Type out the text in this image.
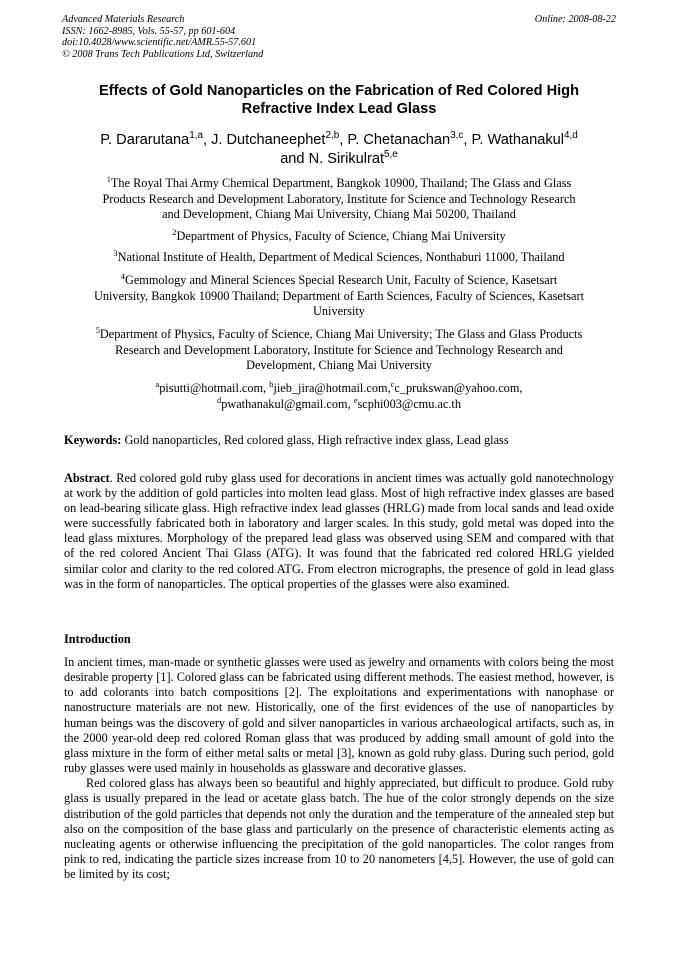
Advanced Materials Research
ISSN: 1662-8985, Vols. 55-57, pp 601-604
doi:10.4028/www.scientific.net/AMR.55-57.601
© 2008 Trans Tech Publications Ltd, Switzerland
Online: 2008-08-22
Effects of Gold Nanoparticles on the Fabrication of Red Colored High
Refractive Index Lead Glass
P. Dararutana$^{1,a}$, J. Dutchaneephet$^{2,b}$, P. Chetanachan$^{3,c}$, P. Wathanakul$^{4,d}$
and N. Sirikulrat$^{5,e}$
$^1$The Royal Thai Army Chemical Department, Bangkok 10900, Thailand; The Glass and Glass
Products Research and Development Laboratory, Institute for Science and Technology Research
and Development, Chiang Mai University, Chiang Mai 50200, Thailand
$^2$Department of Physics, Faculty of Science, Chiang Mai University
$^3$National Institute of Health, Department of Medical Sciences, Nonthaburi 11000, Thailand
$^4$Gemmology and Mineral Sciences Special Research Unit, Faculty of Science, Kasetsart
University, Bangkok 10900 Thailand; Department of Earth Sciences, Faculty of Sciences, Kasetsart
University
$^5$Department of Physics, Faculty of Science, Chiang Mai University; The Glass and Glass Products
Research and Development Laboratory, Institute for Science and Technology Research and
Development, Chiang Mai University
$^a$pisutti@hotmail.com, $^b$jieb_jira@hotmail.com,$^c$c_prukswan@yahoo.com,
$^d$pwathanakul@gmail.com, $^e$scphi003@cmu.ac.th
Keywords: Gold nanoparticles, Red colored glass, High refractive index glass, Lead glass
Abstract. Red colored gold ruby glass used for decorations in ancient times was actually gold nanotechnology at work by the addition of gold particles into molten lead glass. Most of high refractive index glasses are based on lead-bearing silicate glass. High refractive index lead glasses (HRLG) made from local sands and lead oxide were successfully fabricated both in laboratory and larger scales. In this study, gold metal was doped into the lead glass mixtures. Morphology of the prepared lead glass was observed using SEM and compared with that of the red colored Ancient Thai Glass (ATG). It was found that the fabricated red colored HRLG yielded similar color and clarity to the red colored ATG. From electron micrographs, the presence of gold in lead glass was in the form of nanoparticles. The optical properties of the glasses were also examined.
Introduction

In ancient times, man-made or synthetic glasses were used as jewelry and ornaments with colors being the most desirable property [1]. Colored glass can be fabricated using different methods. The easiest method, however, is to add colorants into batch compositions [2]. The exploitations and experimentations with nanophase or nanostructure materials are not new. Historically, one of the first evidences of the use of nanoparticles by human beings was the discovery of gold and silver nanoparticles in various archaeological artifacts, such as, in the 2000 year-old deep red colored Roman glass that was produced by adding small amount of gold into the glass mixture in the form of either metal salts or metal [3], known as gold ruby glass. During such period, gold ruby glasses were used mainly in households as glassware and decorative glasses.

Red colored glass has always been so beautiful and highly appreciated, but difficult to produce. Gold ruby glass is usually prepared in the lead or acetate glass batch. The hue of the color strongly depends on the size distribution of the gold particles that depends not only the duration and the temperature of the annealed step but also on the composition of the base glass and particularly on the presence of characteristic elements acting as nucleating agents or otherwise influencing the precipitation of the gold nanoparticles. The color ranges from pink to red, indicating the particle sizes increase from 10 to 20 nanometers [4,5]. However, the use of gold can be limited by its cost;
